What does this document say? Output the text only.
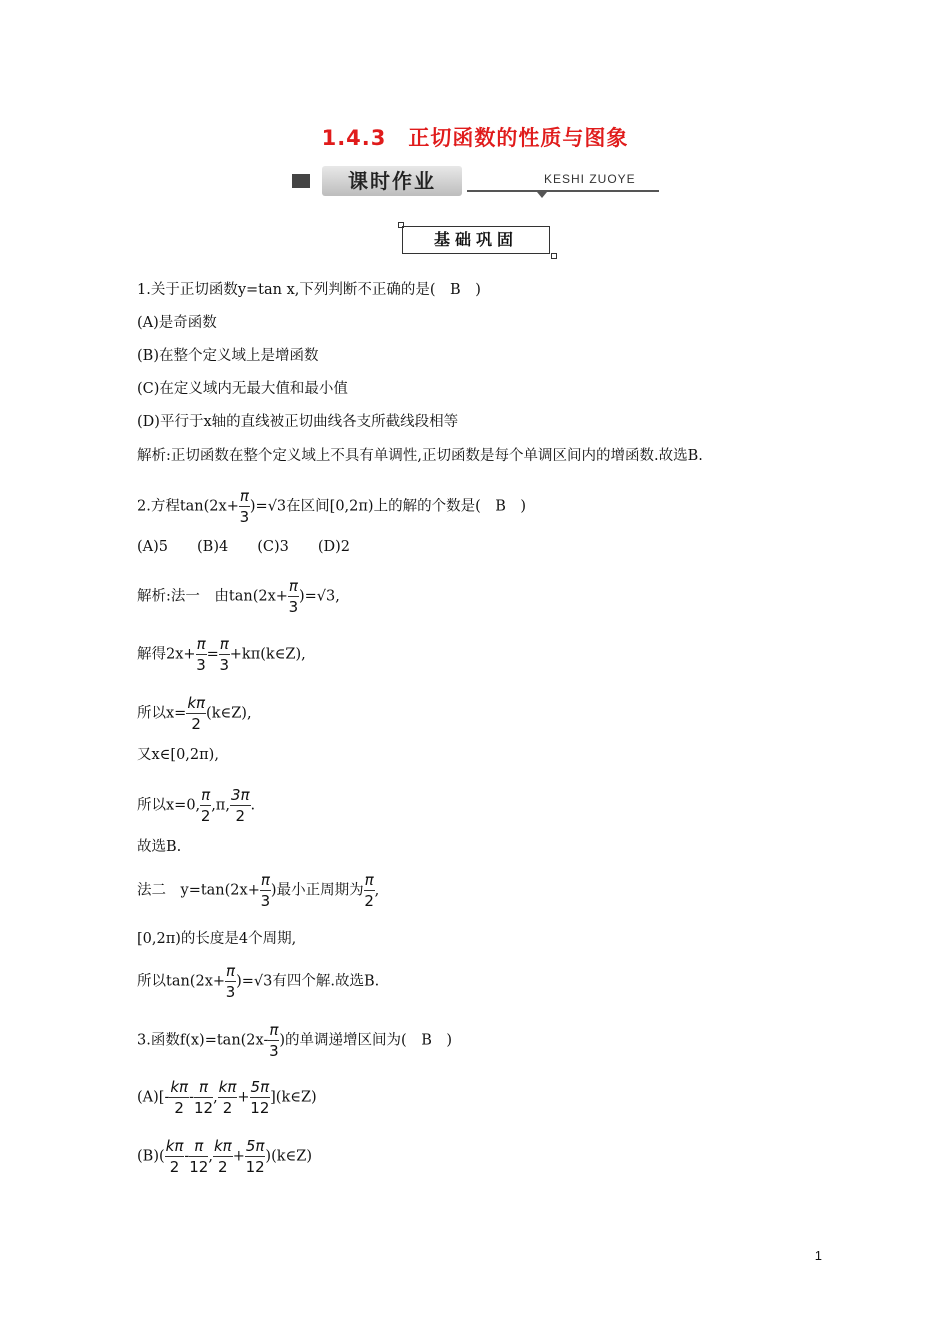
1.4.3　正切函数的性质与图象
课时作业	KESHI ZUOYE
基础巩固
1.关于正切函数y=tan x,下列判断不正确的是(　B　)
(A)是奇函数
(B)在整个定义域上是增函数
(C)在定义域内无最大值和最小值
(D)平行于x轴的直线被正切曲线各支所截线段相等
解析:正切函数在整个定义域上不具有单调性,正切函数是每个单调区间内的增函数.故选B.
2.方程$\tan(2x+ \frac{\pi}{3} )=√3$在区间[0,2π)上的解的个数是(　B　)
(A)5　　(B)4　　(C)3　　(D)2
解析:法一　由$\tan(2x+ \frac{\pi}{3} )=√3$,
解得$2x+ \frac{\pi}{3} = \frac{\pi}{3}$ +kπ(k∈Z),
所以$x= \frac{k\pi}{2}$ (k∈Z),
又x∈[0,2π),
所以x=0, $\frac{\pi}{2} ,\pi$, $\frac{3\pi}{2}$ .
故选B.
法二　$y=\tan(2x+ \frac{\pi}{3}$ )最小正周期为 $\frac{\pi}{2}$ ,
[0,2π)的长度是4个周期,
所以$\tan(2x+ \frac{\pi}{3} )=√3$有四个解.故选B.
3.函数$f(x)=\tan(2x- \frac{\pi}{3}$ )的单调递增区间为(　B　)
$(A)[- \frac{k\pi}{2} - \frac{\pi}{12}$ , $\frac{k\pi}{2} + \frac{5\pi}{12}$ ](k∈Z)
$(B)( \frac{k\pi}{2} - \frac{\pi}{12}$ , $\frac{k\pi}{2} + \frac{5\pi}{12}$ )(k∈Z)
1
